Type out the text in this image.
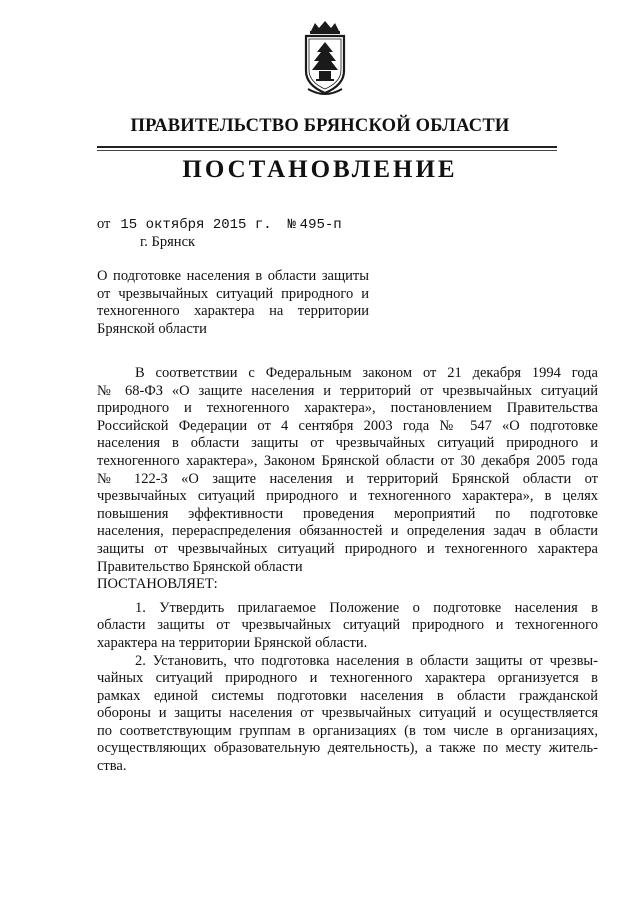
ПРАВИТЕЛЬСТВО БРЯНСКОЙ ОБЛАСТИ
ПОСТАНОВЛЕНИЕ
от 15 октября 2015 г. № 495-п
г. Брянск
О подготовке населения в области защиты
от чрезвычайных ситуаций природного и
техногенного характера на территории
Брянской области
В соответствии с Федеральным законом от 21 декабря 1994 года
№ 68-ФЗ «О защите населения и территорий от чрезвычайных ситуаций
природного и техногенного характера», постановлением Правительства
Российской Федерации от 4 сентября 2003 года № 547 «О подготовке
населения в области защиты от чрезвычайных ситуаций природного и
техногенного характера», Законом Брянской области от 30 декабря 2005 года
№ 122-З «О защите населения и территорий Брянской области от
чрезвычайных ситуаций природного и техногенного характера», в целях
повышения эффективности проведения мероприятий по подготовке
населения, перераспределения обязанностей и определения задач в области
защиты от чрезвычайных ситуаций природного и техногенного характера
Правительство Брянской области
ПОСТАНОВЛЯЕТ:
1. Утвердить прилагаемое Положение о подготовке населения в
области защиты от чрезвычайных ситуаций природного и техногенного
характера на территории Брянской области.
2. Установить, что подготовка населения в области защиты от чрезвы-
чайных ситуаций природного и техногенного характера организуется в
рамках единой системы подготовки населения в области гражданской
обороны и защиты населения от чрезвычайных ситуаций и осуществляется
по соответствующим группам в организациях (в том числе в организациях,
осуществляющих образовательную деятельность), а также по месту житель-
ства.
